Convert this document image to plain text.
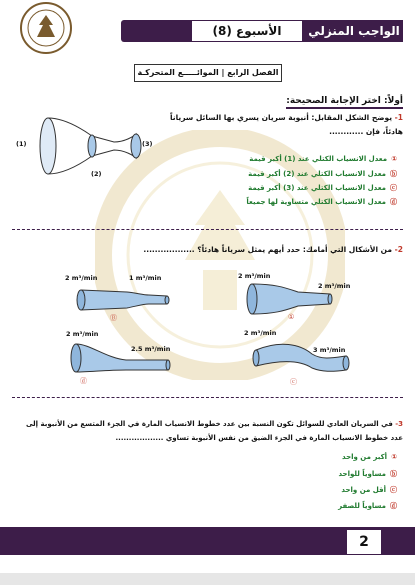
الواجب المنزلي
الأسبوع (8)
الفصل الرابع | الموائـــــع المتحركـة
أولاً: اختر الإجابة الصحيحة:
1- يوضح الشكل المقابل: أنبوبة سريان يسري بها السائل سرياناً
هادئاً، فإن ............
(1)
(2)
(3)
①معدل الانسياب الكتلي عند (1) أكبر قيمة
ⓑمعدل الانسياب الكتلي عند (2) أكبر قيمة
ⓒمعدل الانسياب الكتلي عند (3) أكبر قيمة
ⓓمعدل الانسياب الكتلي متساوية لها جميعاً
2- من الأشكال التي أمامك: حدد أيهم يمثل سرياناً هادئاً؟ ..................
2 m³/min	1 m³/min
Ⓑ
2 m³/min
2 m³/min
①
2 m³/min
2.5 m³/min
ⓓ
2 m³/min
3 m³/min
ⓒ
3- في السريان العادي للسوائل تكون النسبة بين عدد خطوط الانسياب المارة في الجزء المتسع من الأنبوبة إلى
عدد خطوط الانسياب المارة في الجزء الضيق من نفس الأنبوبة تساوي ..................
①أكبر من واحد
ⓑمساوياً للواحد
ⓒأقل من واحد
ⓓمساوياً للصفر
2
